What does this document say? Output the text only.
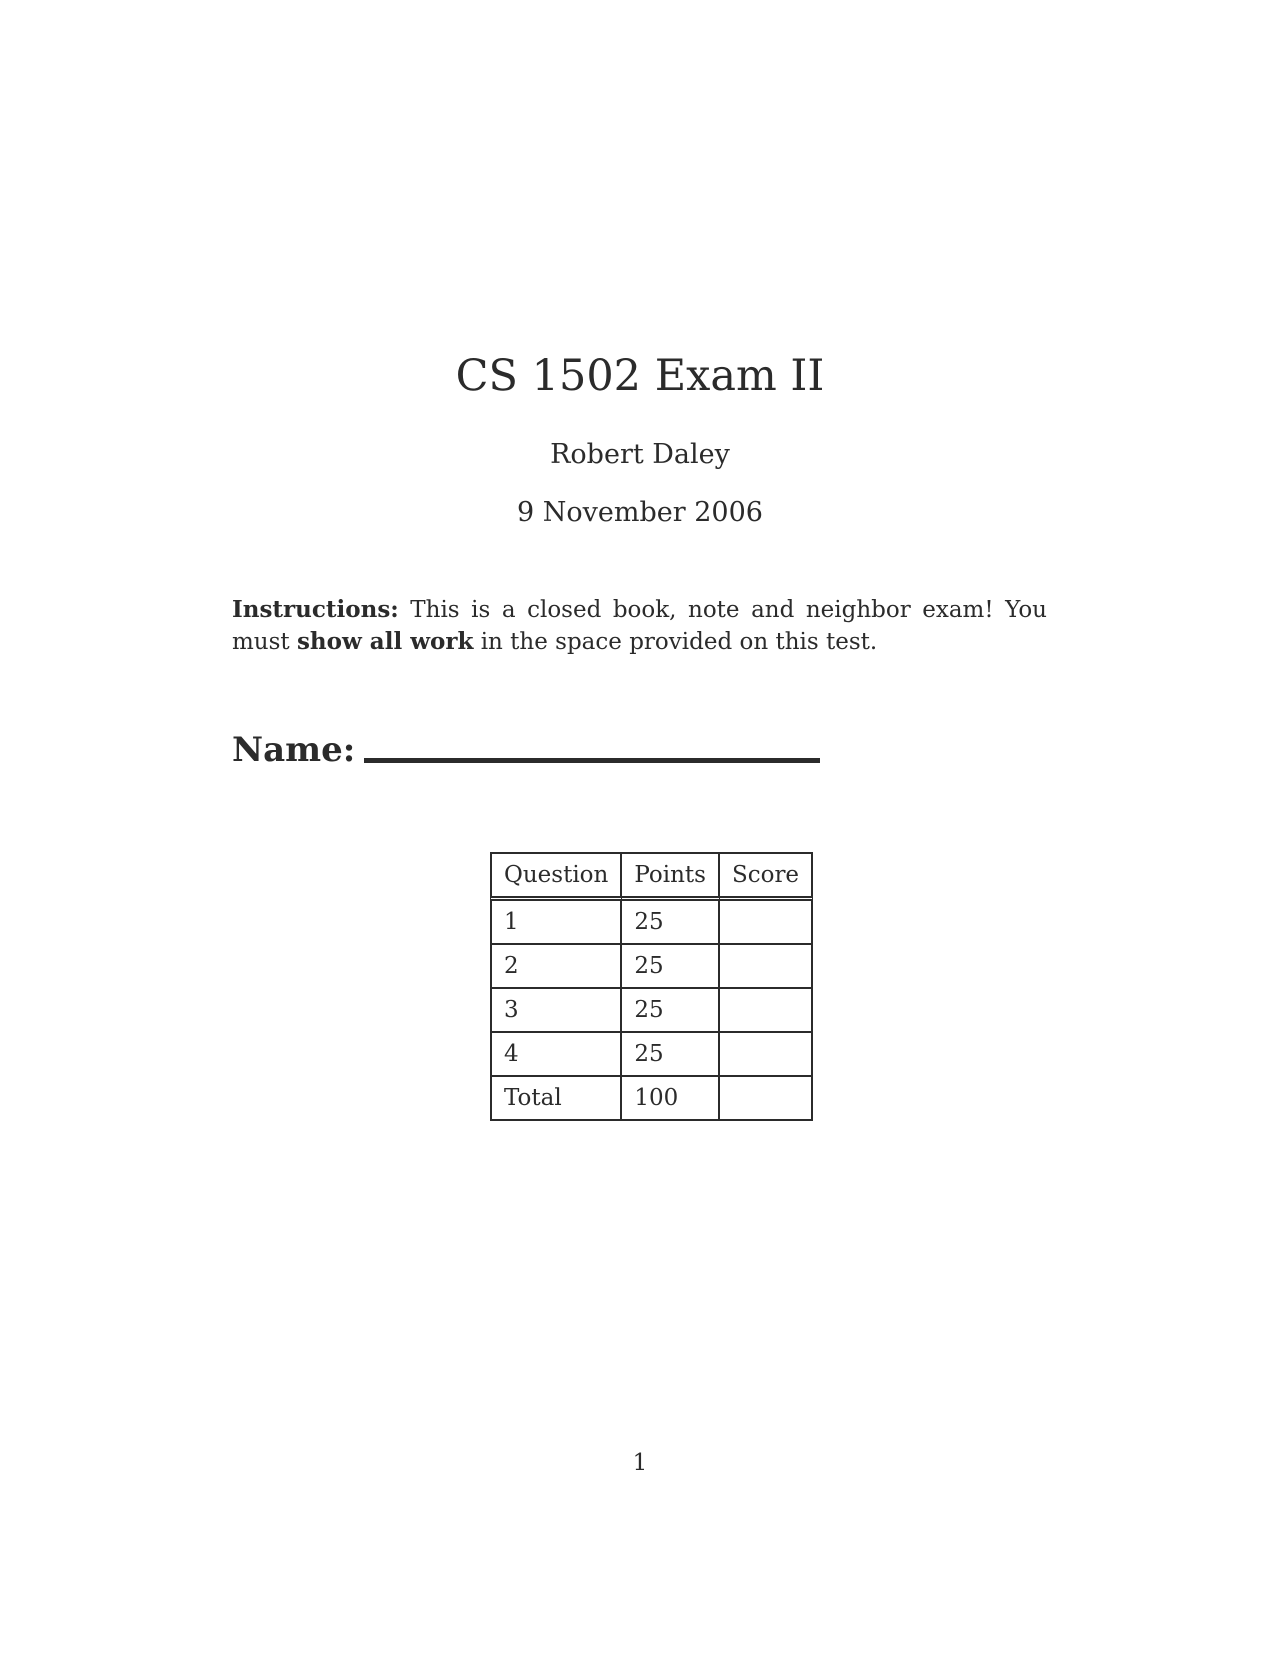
CS 1502 Exam II
Robert Daley
9 November 2006
Instructions: This is a closed book, note and neighbor exam! You must show all work in the space provided on this test.
Name:
Question	Points	Score
1	25	
2	25	
3	25	
4	25	
Total	100	
1
